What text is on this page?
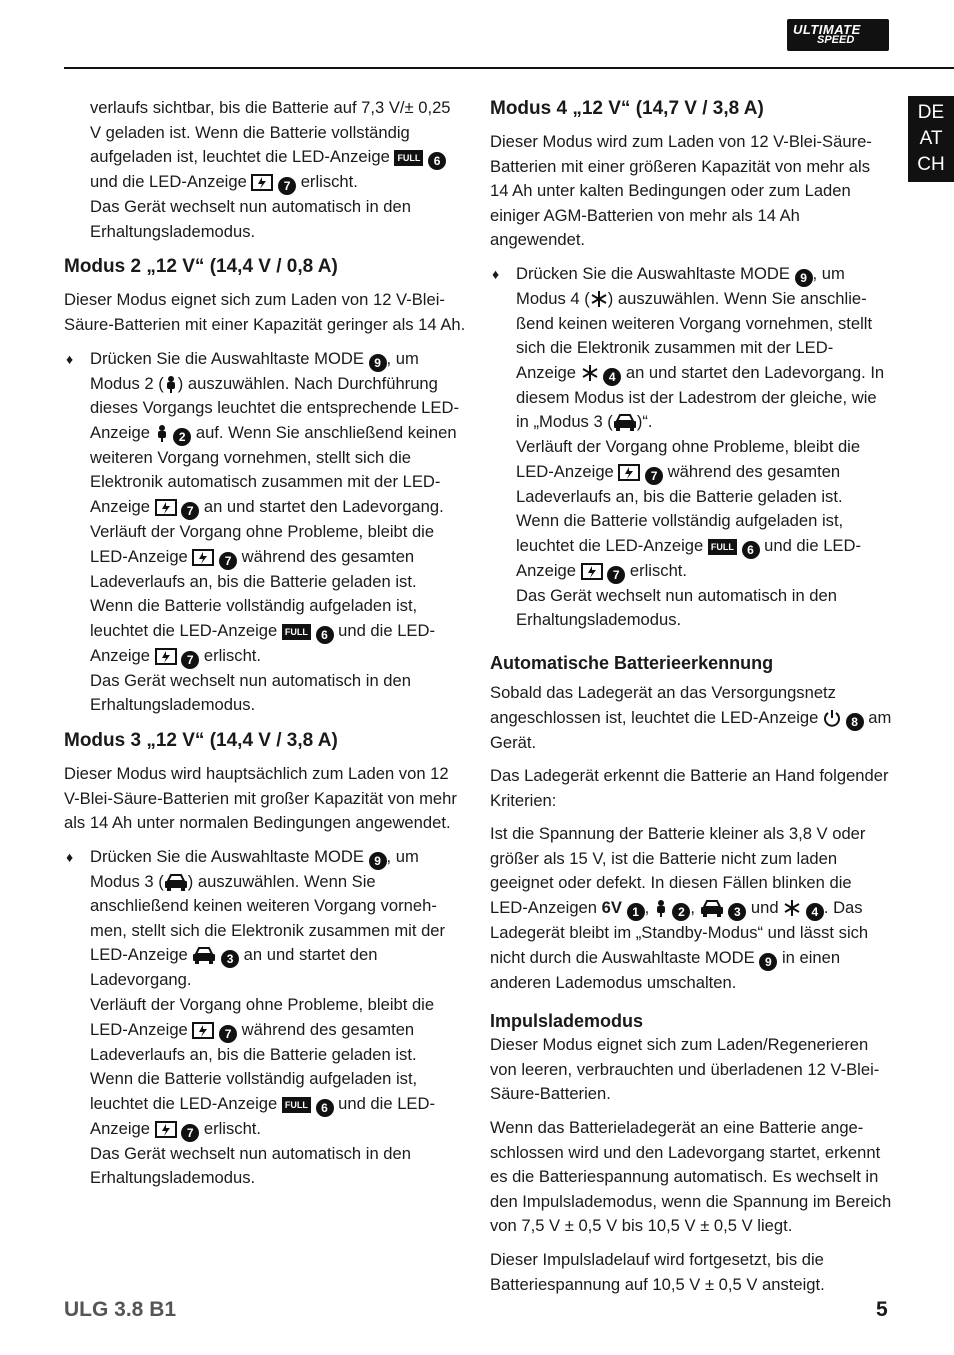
ULTIMATE
SPEED
DE
AT
CH

verlaufs sichtbar, bis die Batterie auf 7,3 V/± 0,25 V geladen ist. Wenn die Batterie vollständig aufgeladen ist, leuchtet die LED-Anzeige FULL 6 und die LED-Anzeige	7 erlischt.
Das Gerät wechselt nun automatisch in den Erhaltungslademodus.

Modus 2 „12 V“ (14,4 V / 0,8 A)

Dieser Modus eignet sich zum Laden von 12 V-Blei-Säure-Batterien mit einer Kapazität geringer als 14 Ah.

♦ Drücken Sie die Auswahltaste MODE 9 , um Modus 2 ( ) auszuwählen. Nach Durchführung dieses Vorgangs leuchtet die entsprechende LED-Anzeige 2 auf. Wenn Sie anschließend keinen weiteren Vorgang vornehmen, stellt sich die Elektronik automatisch zusammen mit der LED-Anzeige	7 an und startet den Ladevorgang.
Verläuft der Vorgang ohne Probleme, bleibt die LED-Anzeige	7 während des gesamten Ladeverlaufs an, bis die Batterie geladen ist.
Wenn die Batterie vollständig aufgeladen ist, leuchtet die LED-Anzeige FULL 6 und die LED-Anzeige	7 erlischt.
Das Gerät wechselt nun automatisch in den Erhaltungslademodus.
Modus 3 „12 V“ (14,4 V / 3,8 A)

Dieser Modus wird hauptsächlich zum Laden von 12 V-Blei-Säure-Batterien mit großer Kapazität von mehr als 14 Ah unter normalen Bedingungen angewendet.

♦ Drücken Sie die Auswahltaste MODE 9 , um Modus 3 ( ) auszuwählen. Wenn Sie anschließend keinen weiteren Vorgang vorneh-men, stellt sich die Elektronik zusammen mit der LED-Anzeige	3 an und startet den Ladevorgang.
Verläuft der Vorgang ohne Probleme, bleibt die LED-Anzeige	7 während des gesamten Ladeverlaufs an, bis die Batterie geladen ist.
Wenn die Batterie vollständig aufgeladen ist, leuchtet die LED-Anzeige FULL 6 und die LED-Anzeige	7 erlischt.
Das Gerät wechselt nun automatisch in den Erhaltungslademodus.
Modus 4 „12 V“ (14,7 V / 3,8 A)

Dieser Modus wird zum Laden von 12 V-Blei-Säure-Batterien mit einer größeren Kapazität von mehr als 14 Ah unter kalten Bedingungen oder zum Laden einiger AGM-Batterien von mehr als 14 Ah angewendet.

♦ Drücken Sie die Auswahltaste MODE 9 , um Modus 4 ( ) auszuwählen. Wenn Sie anschlie-ßend keinen weiteren Vorgang vornehmen, stellt sich die Elektronik zusammen mit der LED-Anzeige	4 an und startet den Ladevorgang. In diesem Modus ist der Ladestrom der gleiche, wie in „Modus 3 ( )“.
Verläuft der Vorgang ohne Probleme, bleibt die LED-Anzeige	7 während des gesamten Ladeverlaufs an, bis die Batterie geladen ist.
Wenn die Batterie vollständig aufgeladen ist, leuchtet die LED-Anzeige FULL 6 und die LED-Anzeige	7 erlischt.
Das Gerät wechselt nun automatisch in den Erhaltungslademodus.
Automatische Batterieerkennung

Sobald das Ladegerät an das Versorgungsnetz angeschlossen ist, leuchtet die LED-Anzeige	8 am Gerät.

Das Ladegerät erkennt die Batterie an Hand folgender Kriterien:

Ist die Spannung der Batterie kleiner als 3,8 V oder größer als 15 V, ist die Batterie nicht zum laden geeignet oder defekt. In diesen Fällen blinken die LED-Anzeigen 6V 1 ,  2 ,	3 und	4 . Das Ladegerät bleibt im „Standby-Modus“ und lässt sich nicht durch die Auswahltaste MODE 9 in einen anderen Lademodus umschalten.

Impulslademodus

Dieser Modus eignet sich zum Laden/Regenerieren von leeren, verbrauchten und überladenen 12 V-Blei-Säure-Batterien.

Wenn das Batterieladegerät an eine Batterie ange-schlossen wird und den Ladevorgang startet, erkennt es die Batteriespannung automatisch. Es wechselt in den Impulslademodus, wenn die Spannung im Bereich von 7,5 V ± 0,5 V bis 10,5 V ± 0,5 V liegt.

Dieser Impulsladelauf wird fortgesetzt, bis die Batteriespannung auf 10,5 V ± 0,5 V ansteigt.

ULG 3.8 B1	5
